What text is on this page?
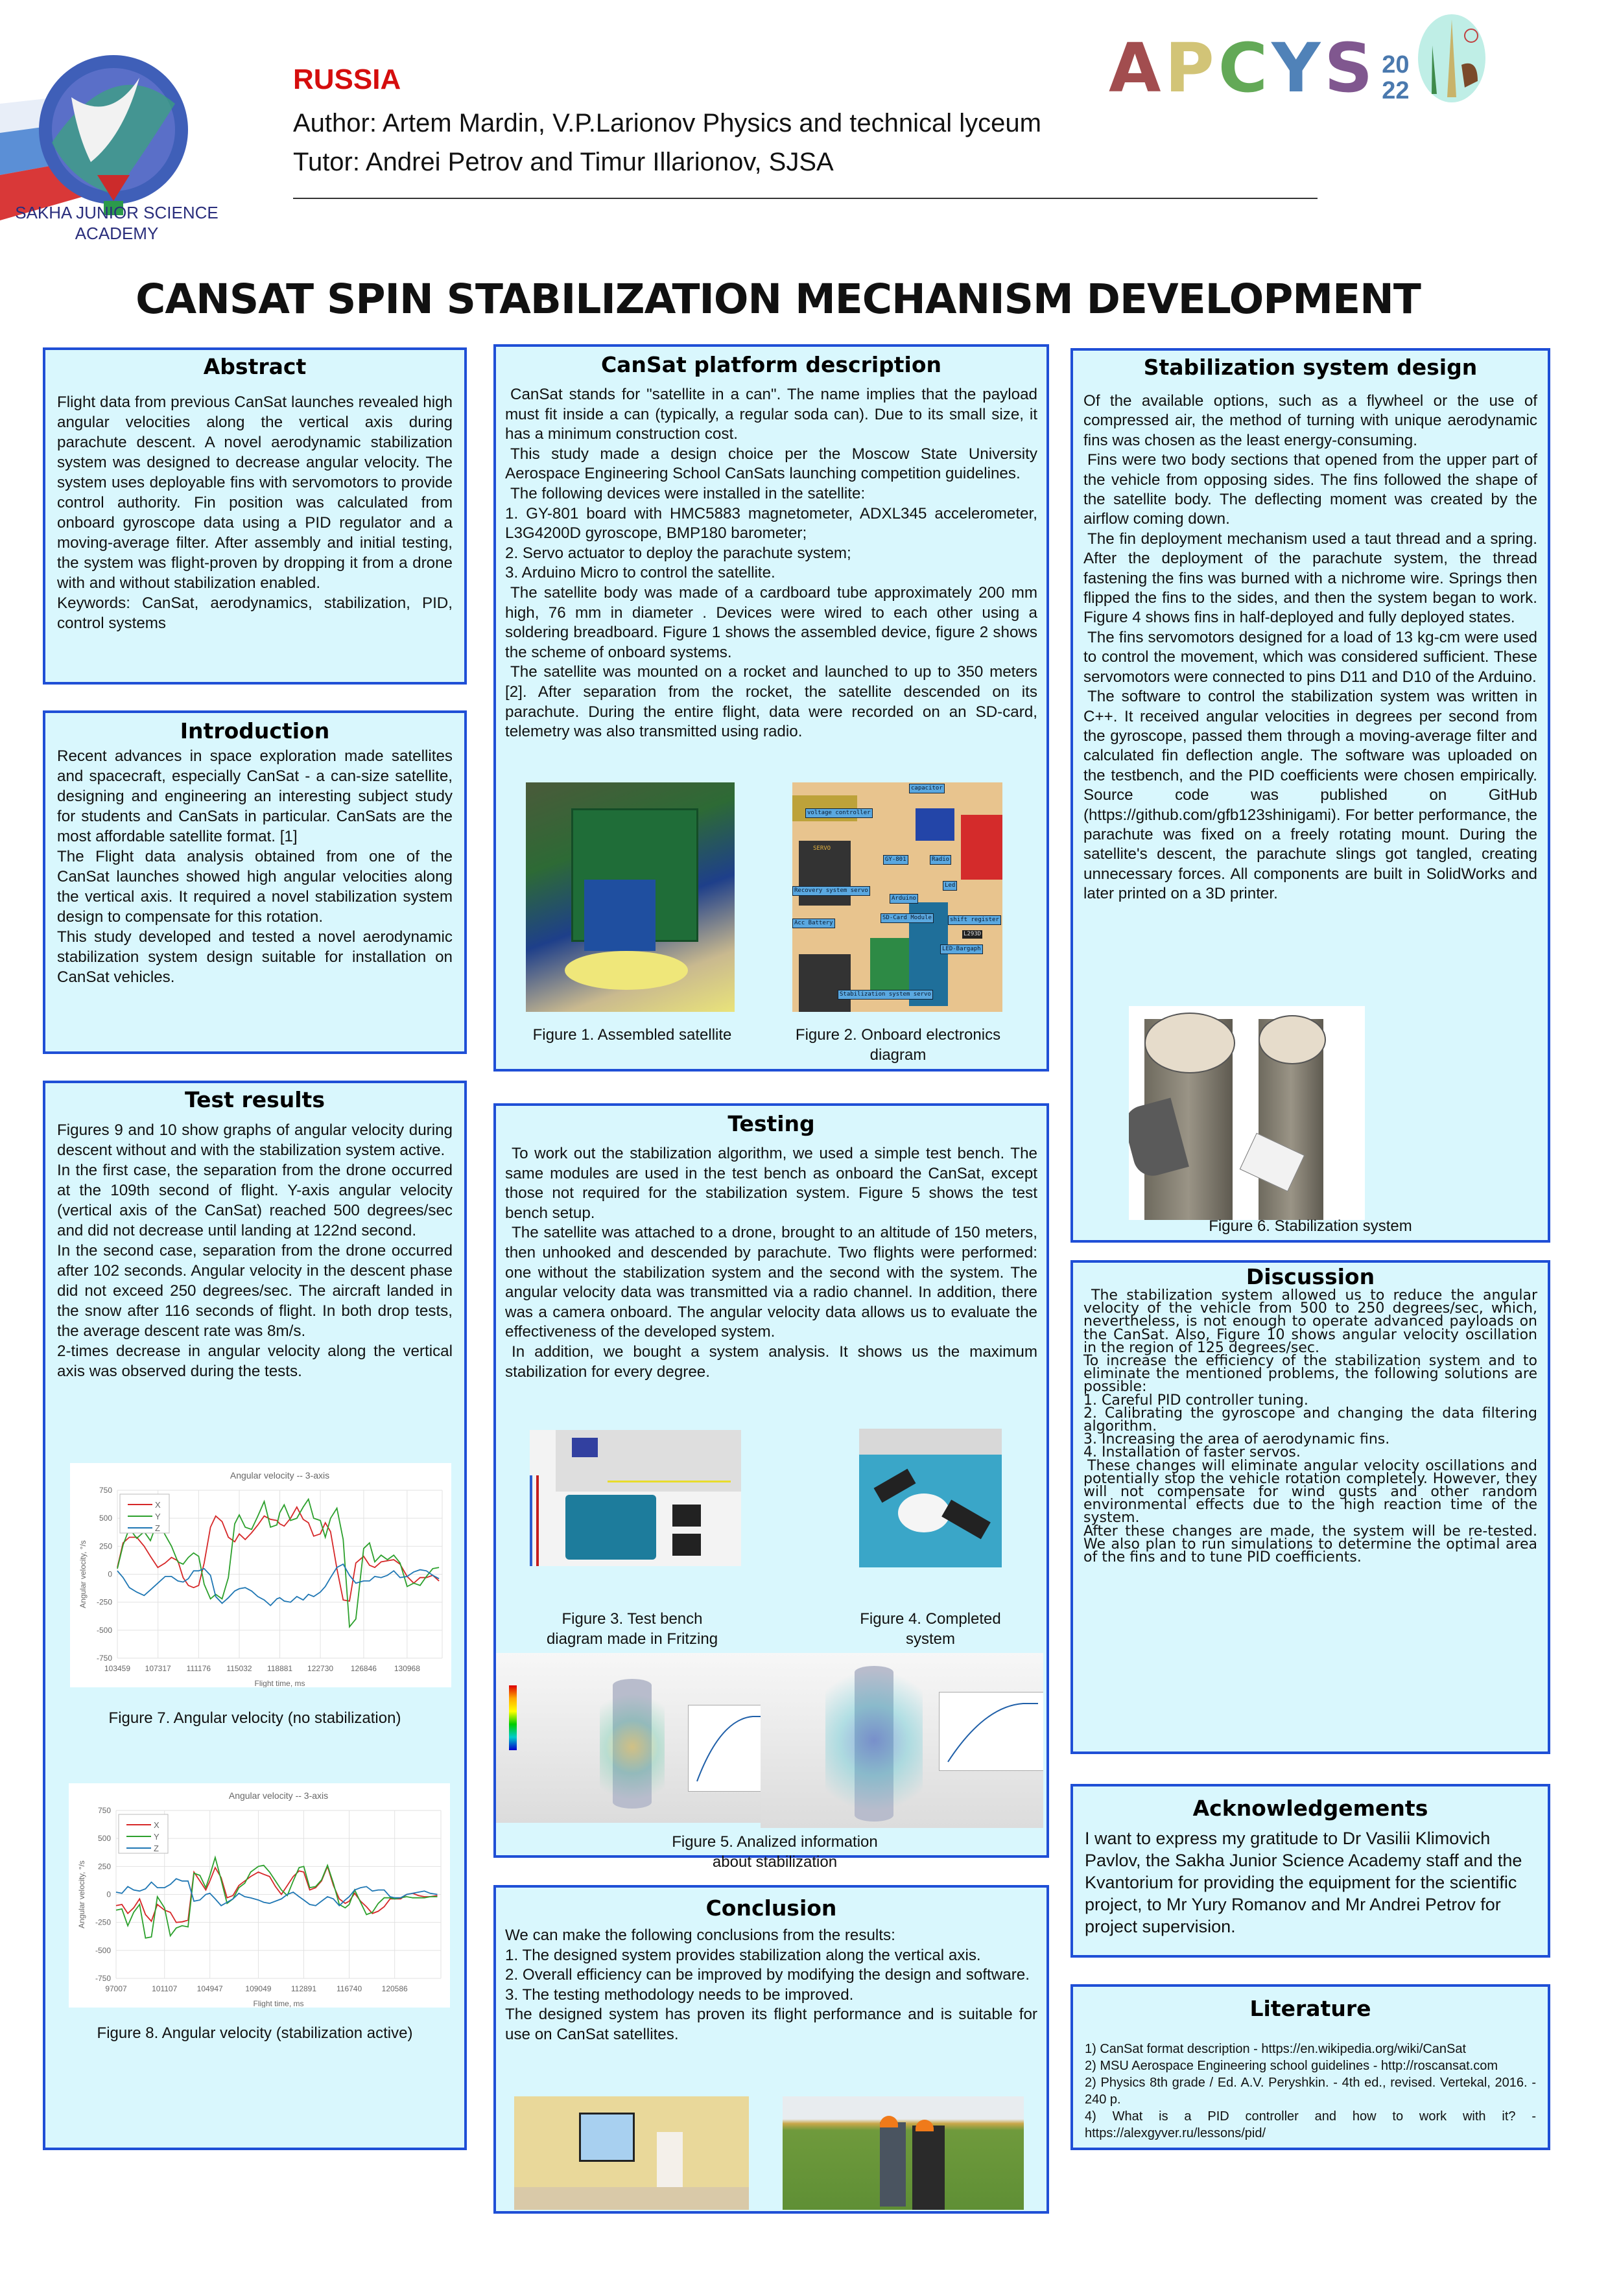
SAKHA JUNIOR SCIENCE
ACADEMY
RUSSIA
Author: Artem Mardin, V.P.Larionov Physics and technical lyceum
Tutor: Andrei Petrov and Timur Illarionov, SJSA
A P C Y S 20
22
CANSAT SPIN STABILIZATION MECHANISM DEVELOPMENT
Abstract

Flight data from previous CanSat launches revealed high angular velocities along the vertical axis during parachute descent. A novel aerodynamic stabilization system was designed to decrease angular velocity. The system uses deployable fins with servomotors to provide control authority. Fin position was calculated from onboard gyroscope data using a PID regulator and a moving-average filter. After assembly and initial testing, the system was flight-proven by dropping it from a drone with and without stabilization enabled.

Keywords: CanSat, aerodynamics, stabilization, PID, control systems

Introduction

Recent advances in space exploration made satellites and spacecraft, especially CanSat - a can-size satellite, designing and engineering an interesting subject study for students and CanSats in particular. CanSats are the most affordable satellite format. [1]

The Flight data analysis obtained from one of the CanSat launches showed high angular velocities along the vertical axis. It required a novel stabilization system design to compensate for this rotation.

This study developed and tested a novel aerodynamic stabilization system design suitable for installation on CanSat vehicles.

Test results

Figures 9 and 10 show graphs of angular velocity during descent without and with the stabilization system active.

In the first case, the separation from the drone occurred at the 109th second of flight. Y-axis angular velocity (vertical axis of the CanSat) reached 500 degrees/sec and did not decrease until landing at 122nd second.

In the second case, separation from the drone occurred after 102 seconds. Angular velocity in the descent phase did not exceed 250 degrees/sec. The aircraft landed in the snow after 116 seconds of flight. In both drop tests, the average descent rate was 8m/s.

2-times decrease in angular velocity along the vertical axis was observed during the tests.

Angular velocity -- 3-axis
750
500
250
0
-250
-500
-750
103459 107317 111176 115032 118881 122730 126846 130968
Flight time, ms
Angular velocity, °/s
X
Y
Z
Figure 7. Angular velocity (no stabilization)
Angular velocity -- 3-axis
750
500
250
0
-250
-500
-750
97007	101107	104947	109049	112891	116740	120586
Flight time, ms
Angular velocity, °/s
X
Y
Z
Figure 8. Angular velocity (stabilization active)
CanSat platform description

CanSat stands for "satellite in a can". The name implies that the payload must fit inside a can (typically, a regular soda can). Due to its small size, it has a minimum construction cost.

This study made a design choice per the Moscow State University Aerospace Engineering School CanSats launching competition guidelines.

The following devices were installed in the satellite:

1. GY-801 board with HMC5883 magnetometer, ADXL345 accelerometer, L3G4200D gyroscope, BMP180 barometer;

2. Servo actuator to deploy the parachute system;

3. Arduino Micro to control the satellite.

The satellite body was made of a cardboard tube approximately 200 mm high, 76 mm in diameter . Devices were wired to each other using a soldering breadboard. Figure 1 shows the assembled device, figure 2 shows the scheme of onboard systems.

The satellite was mounted on a rocket and launched to up to 350 meters [2]. After separation from the rocket, the satellite descended on its parachute. During the entire flight, data were recorded on an SD-card, telemetry was also transmitted using radio.

Figure 1. Assembled satellite
capacitor
voltage controller
GY-801	Radio
Led
Arduino
SD-Card Module	shift register
LED-Bargaph
Stabilization system servo
Recovery system servo
Acc Battery
SERVO
L293D
Figure 2. Onboard electronics diagram
Testing

To work out the stabilization algorithm, we used a simple test bench. The same modules are used in the test bench as onboard the CanSat, except those not required for the stabilization system. Figure 5 shows the test bench setup.

The satellite was attached to a drone, brought to an altitude of 150 meters, then unhooked and descended by parachute. Two flights were performed: one without the stabilization system and the second with the system. The angular velocity data was transmitted via a radio channel. In addition, there was a camera onboard. The angular velocity data allows us to evaluate the effectiveness of the developed system.

In addition, we bought a system analysis. It shows us the maximum stabilization for every degree.

Figure 3. Test bench diagram made in Fritzing
Figure 4. Completed system
Figure 5. Analized information about stabilization
Conclusion

We can make the following conclusions from the results:

1. The designed system provides stabilization along the vertical axis.

2. Overall efficiency can be improved by modifying the design and software.

3. The testing methodology needs to be improved.

The designed system has proven its flight performance and is suitable for use on CanSat satellites.

Stabilization system design

Of the available options, such as a flywheel or the use of compressed air, the method of turning with unique aerodynamic fins was chosen as the least energy-consuming.

Fins were two body sections that opened from the upper part of the vehicle from opposing sides. The fins followed the shape of the satellite body. The deflecting moment was created by the airflow coming down.

The fin deployment mechanism used a taut thread and a spring. After the deployment of the parachute system, the thread fastening the fins was burned with a nichrome wire. Springs then flipped the fins to the sides, and then the system began to work. Figure 4 shows fins in half-deployed and fully deployed states.

The fins servomotors designed for a load of 13 kg-cm were used to control the movement, which was considered sufficient. These servomotors were connected to pins D11 and D10 of the Arduino.

The software to control the stabilization system was written in C++. It received angular velocities in degrees per second from the gyroscope, passed them through a moving-average filter and calculated fin deflection angle. The software was uploaded on the testbench, and the PID coefficients were chosen empirically. Source code was published on GitHub (https://github.com/gfb123shinigami). For better performance, the parachute was fixed on a freely rotating mount. During the satellite's descent, the parachute slings got tangled, creating unnecessary forces. All components are built in SolidWorks and later printed on a 3D printer.

Figure 6. Stabilization system
Discussion

The stabilization system allowed us to reduce the angular velocity of the vehicle from 500 to 250 degrees/sec, which, nevertheless, is not enough to operate advanced payloads on the CanSat. Also, Figure 10 shows angular velocity oscillation in the region of 125 degrees/sec.

To increase the efficiency of the stabilization system and to eliminate the mentioned problems, the following solutions are possible:

1. Careful PID controller tuning.

2. Calibrating the gyroscope and changing the data filtering algorithm.

3. Increasing the area of aerodynamic fins.

4. Installation of faster servos.

These changes will eliminate angular velocity oscillations and potentially stop the vehicle rotation completely. However, they will not compensate for wind gusts and other random environmental effects due to the high reaction time of the system.

After these changes are made, the system will be re-tested. We also plan to run simulations to determine the optimal area of the fins and to tune PID coefficients.

Acknowledgements

I want to express my gratitude to Dr Vasilii Klimovich Pavlov, the Sakha Junior Science Academy staff and the Kvantorium for providing the equipment for the scientific project, to Mr Yury Romanov and Mr Andrei Petrov for project supervision.

Literature
1) CanSat format description - https://en.wikipedia.org/wiki/CanSat
2) MSU Aerospace Engineering school guidelines - http://roscansat.com
2) Physics 8th grade / Ed. A.V. Peryshkin. - 4th ed., revised. Vertekal, 2016. - 240 p.
4) What is a PID controller and how to work with it? - https://alexgyver.ru/lessons/pid/
